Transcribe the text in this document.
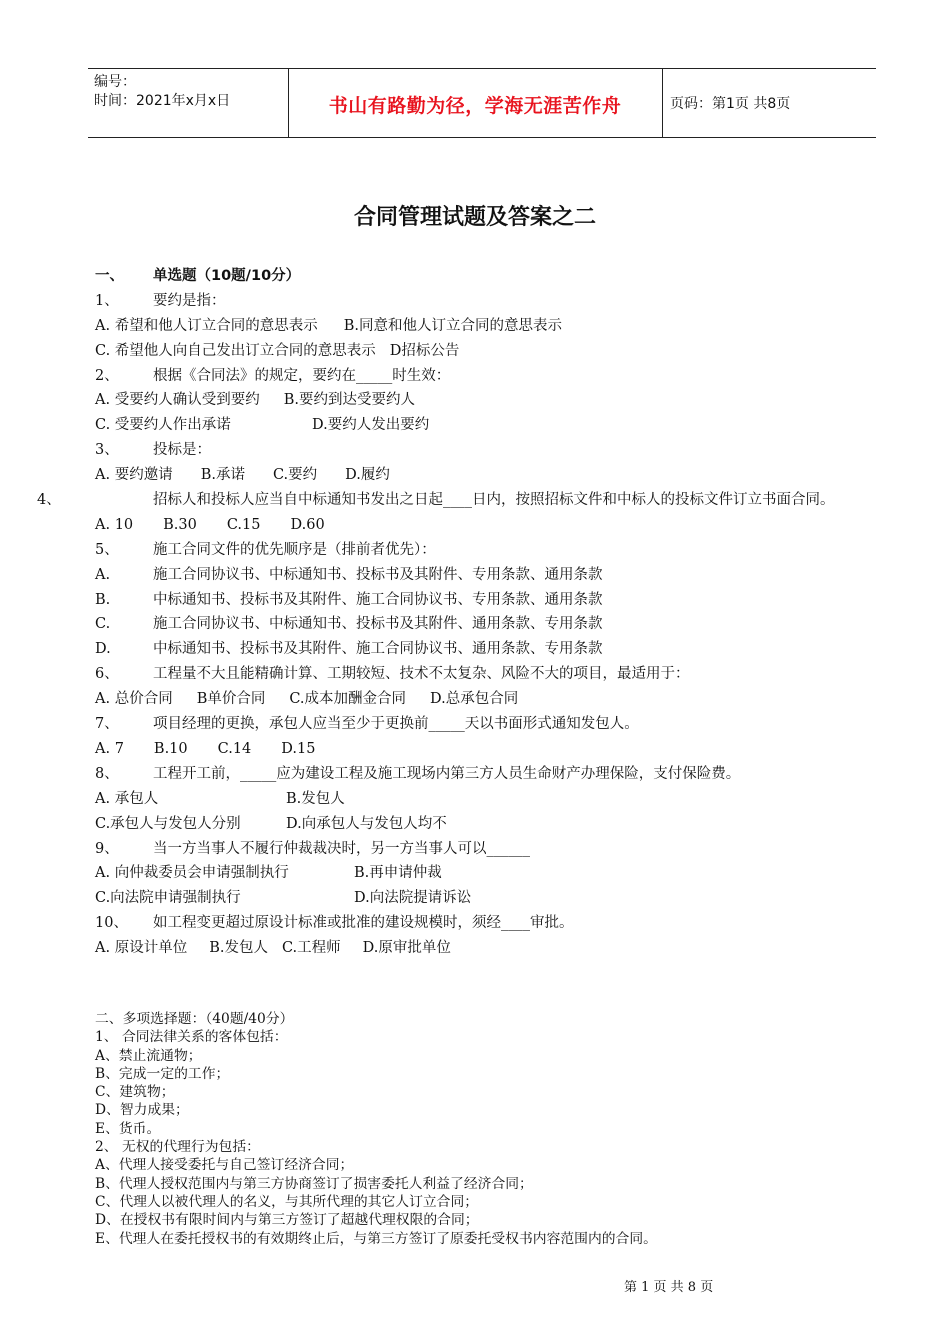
编号：
时间：2021年x月x日	书山有路勤为径，学海无涯苦作舟	页码：第1页 共8页
合同管理试题及答案之二
一、 单选题（10题/10分）
1、 要约是指：
A. 希望和他人订立合同的意思表示 B.同意和他人订立合同的意思表示
C. 希望他人向自己发出订立合同的意思表示 D招标公告
2、 根据《合同法》的规定，要约在_____时生效：
A. 受要约人确认受到要约 B.要约到达受要约人
C. 受要约人作出承诺	D.要约人发出要约
3、 投标是：
A. 要约邀请 B.承诺 C.要约 D.履约
4、	招标人和投标人应当自中标通知书发出之日起____日内，按照招标文件和中标人的投标文件订立书面合同。
A. 10 B.30 C.15 D.60
5、 施工合同文件的优先顺序是（排前者优先）：
A.	施工合同协议书、中标通知书、投标书及其附件、专用条款、通用条款
B.	中标通知书、投标书及其附件、施工合同协议书、专用条款、通用条款
C.	施工合同协议书、中标通知书、投标书及其附件、通用条款、专用条款
D.	中标通知书、投标书及其附件、施工合同协议书、通用条款、专用条款
6、 工程量不大且能精确计算、工期较短、技术不太复杂、风险不大的项目，最适用于：
A. 总价合同 B单价合同 C.成本加酬金合同 D.总承包合同
7、 项目经理的更换，承包人应当至少于更换前_____天以书面形式通知发包人。
A. 7 B.10 C.14 D.15
8、 工程开工前，_____应为建设工程及施工现场内第三方人员生命财产办理保险，支付保险费。
A. 承包人	B.发包人
C.承包人与发包人分别	D.向承包人与发包人均不
9、 当一方当事人不履行仲裁裁决时，另一方当事人可以______
A. 向仲裁委员会申请强制执行	B.再申请仲裁
C.向法院申请强制执行	D.向法院提请诉讼
10、 如工程变更超过原设计标准或批准的建设规模时，须经____审批。
A. 原设计单位 B.发包人 C.工程师 D.原审批单位
二、多项选择题：（40题/40分）
1、 合同法律关系的客体包括：
A、禁止流通物；
B、完成一定的工作；
C、建筑物；
D、智力成果；
E、货币。
2、 无权的代理行为包括：
A、代理人接受委托与自己签订经济合同；
B、代理人授权范围内与第三方协商签订了损害委托人利益了经济合同；
C、代理人以被代理人的名义，与其所代理的其它人订立合同；
D、在授权书有限时间内与第三方签订了超越代理权限的合同；
E、代理人在委托授权书的有效期终止后，与第三方签订了原委托受权书内容范围内的合同。
第 1 页 共 8 页
